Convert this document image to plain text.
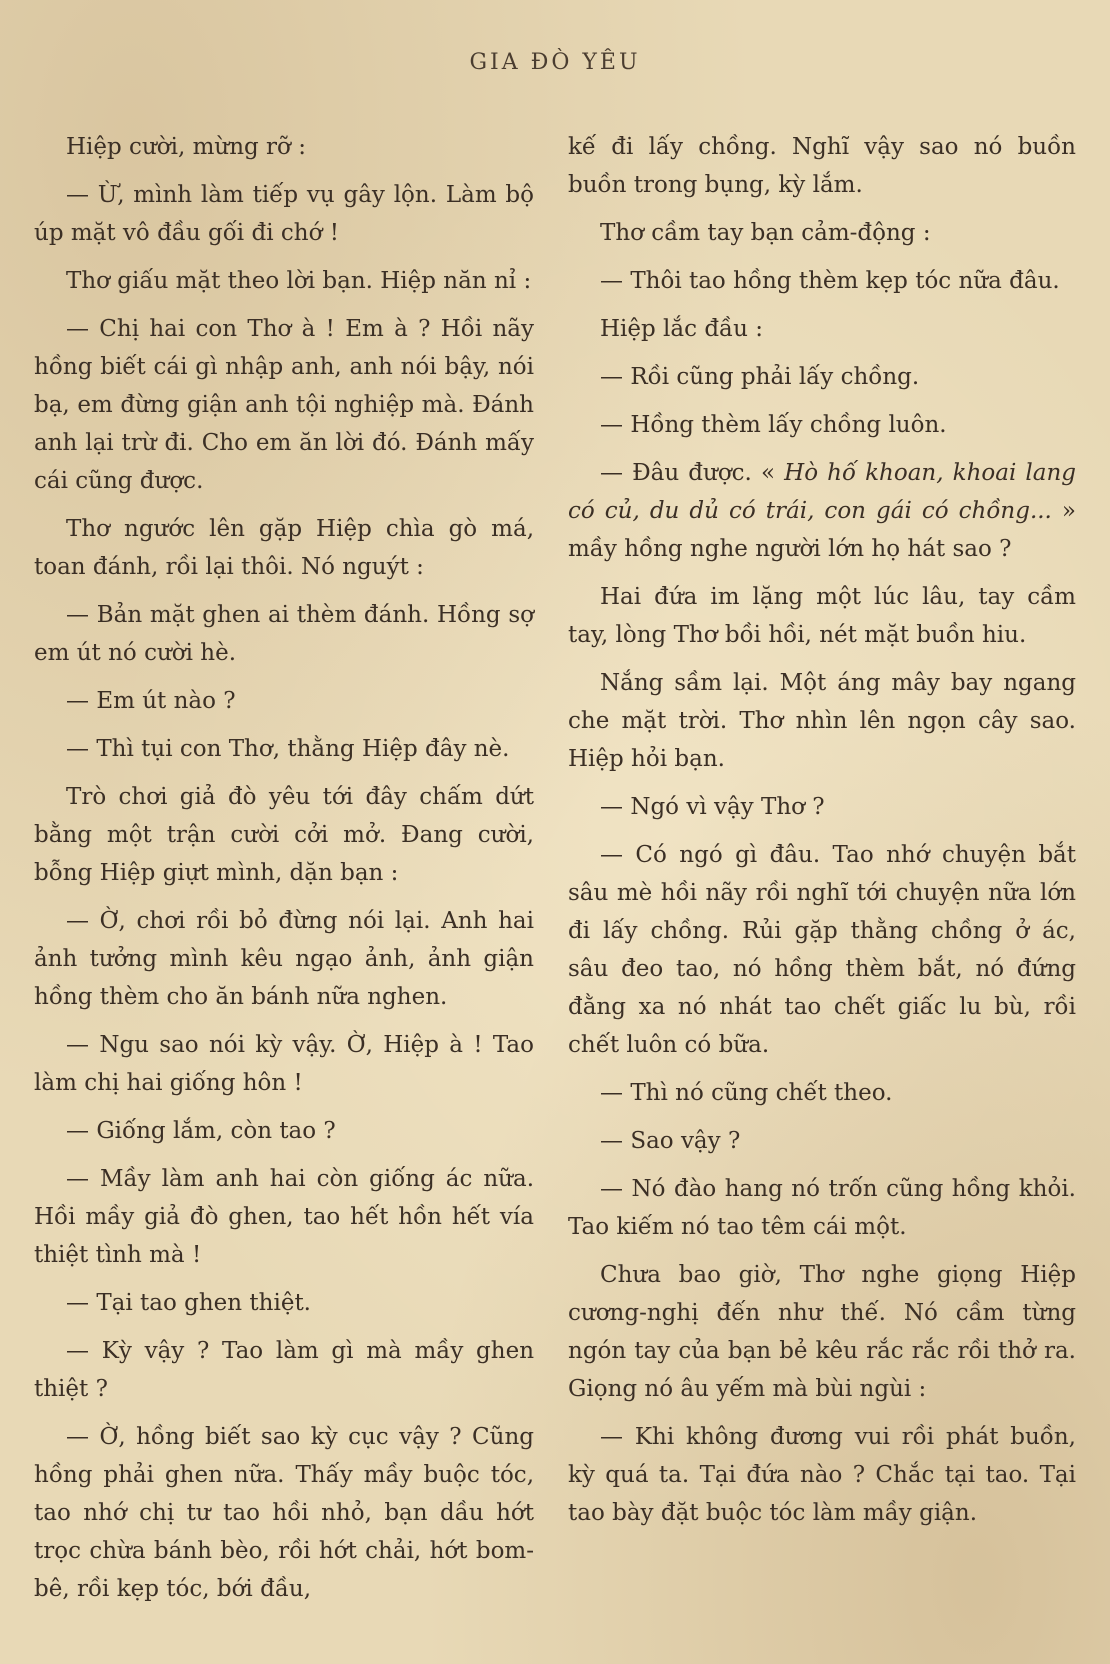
GIA ĐÒ YÊU

Hiệp cười, mừng rỡ :

— Ừ, mình làm tiếp vụ gây lộn. Làm bộ úp mặt vô đầu gối đi chớ !

Thơ giấu mặt theo lời bạn. Hiệp năn nỉ :

— Chị hai con Thơ à ! Em à ? Hồi nãy hồng biết cái gì nhập anh, anh nói bậy, nói bạ, em đừng giận anh tội nghiệp mà. Đánh anh lại trừ đi. Cho em ăn lời đó. Đánh mấy cái cũng được.

Thơ ngước lên gặp Hiệp chìa gò má, toan đánh, rồi lại thôi. Nó nguýt :

— Bản mặt ghen ai thèm đánh. Hồng sợ em út nó cười hè.

— Em út nào ?

— Thì tụi con Thơ, thằng Hiệp đây nè.

Trò chơi giả đò yêu tới đây chấm dứt bằng một trận cười cởi mở. Đang cười, bỗng Hiệp giựt mình, dặn bạn :

— Ờ, chơi rồi bỏ đừng nói lại. Anh hai ảnh tưởng mình kêu ngạo ảnh, ảnh giận hồng thèm cho ăn bánh nữa nghen.

— Ngu sao nói kỳ vậy. Ờ, Hiệp à ! Tao làm chị hai giống hôn !

— Giống lắm, còn tao ?

— Mầy làm anh hai còn giống ác nữa. Hồi mầy giả đò ghen, tao hết hồn hết vía thiệt tình mà !

— Tại tao ghen thiệt.

— Kỳ vậy ? Tao làm gì mà mầy ghen thiệt ?

— Ờ, hồng biết sao kỳ cục vậy ? Cũng hồng phải ghen nữa. Thấy mầy buộc tóc, tao nhớ chị tư tao hồi nhỏ, bạn dầu hớt trọc chừa bánh bèo, rồi hớt chải, hớt bom-bê, rồi kẹp tóc, bới đầu,

kế đi lấy chồng. Nghĩ vậy sao nó buồn buồn trong bụng, kỳ lắm.

Thơ cầm tay bạn cảm-động :

— Thôi tao hồng thèm kẹp tóc nữa đâu.

Hiệp lắc đầu :

— Rồi cũng phải lấy chồng.

— Hồng thèm lấy chồng luôn.

— Đâu được. « Hò hố khoan, khoai lang có củ, du dủ có trái, con gái có chồng... » mầy hồng nghe người lớn họ hát sao ?

Hai đứa im lặng một lúc lâu, tay cầm tay, lòng Thơ bồi hồi, nét mặt buồn hiu.

Nắng sầm lại. Một áng mây bay ngang che mặt trời. Thơ nhìn lên ngọn cây sao. Hiệp hỏi bạn.

— Ngó vì vậy Thơ ?

— Có ngó gì đâu. Tao nhớ chuyện bắt sâu mè hồi nãy rồi nghĩ tới chuyện nữa lớn đi lấy chồng. Rủi gặp thằng chồng ở ác, sâu đeo tao, nó hồng thèm bắt, nó đứng đằng xa nó nhát tao chết giấc lu bù, rồi chết luôn có bữa.

— Thì nó cũng chết theo.

— Sao vậy ?

— Nó đào hang nó trốn cũng hồng khỏi. Tao kiếm nó tao têm cái một.

Chưa bao giờ, Thơ nghe giọng Hiệp cương-nghị đến như thế. Nó cầm từng ngón tay của bạn bẻ kêu rắc rắc rồi thở ra. Giọng nó âu yếm mà bùi ngùi :

— Khi không đương vui rồi phát buồn, kỳ quá ta. Tại đứa nào ? Chắc tại tao. Tại tao bày đặt buộc tóc làm mầy giận.
